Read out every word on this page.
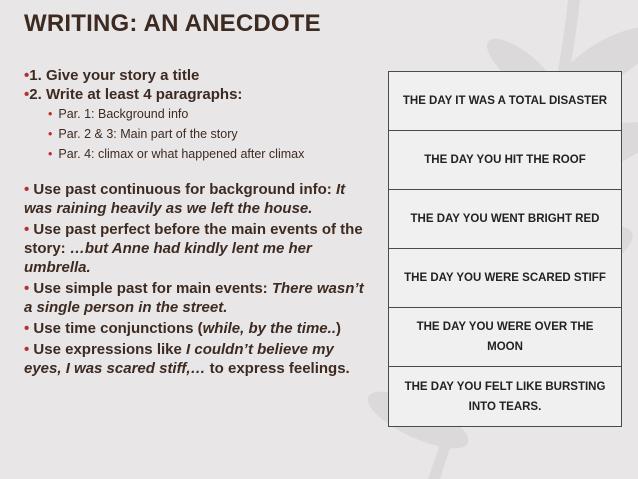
WRITING: AN ANECDOTE
•1. Give your story a title
•2. Write at least 4 paragraphs:
• Par. 1: Background info
• Par. 2 & 3: Main part of the story
• Par. 4: climax or what happened after climax
• Use past continuous for background info: It was raining heavily as we left the house.
• Use past perfect before the main events of the story: …but Anne had kindly lent me her umbrella.
• Use simple past for main events: There wasn’t a single person in the street.
• Use time conjunctions (while, by the time..)
• Use expressions like I couldn’t believe my eyes, I was scared stiff,… to express feelings.
THE DAY IT WAS A TOTAL DISASTER
THE DAY YOU HIT THE ROOF
THE DAY YOU WENT BRIGHT RED
THE DAY YOU WERE SCARED STIFF
THE DAY YOU WERE OVER THE MOON
THE DAY YOU FELT LIKE BURSTING INTO TEARS.
